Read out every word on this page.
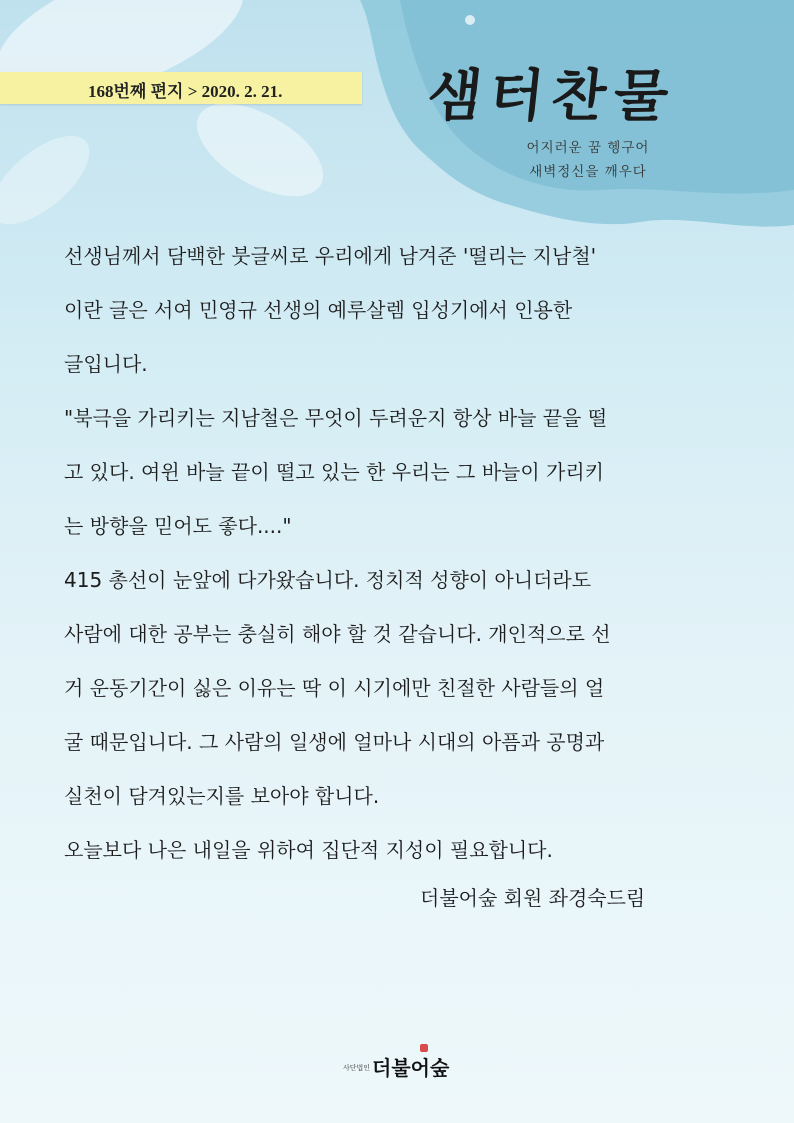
168번째 편지 > 2020. 2. 21.	샘터찬물
어지러운 꿈 헹구어
새벽정신을 깨우다

선생님께서 담백한 붓글씨로 우리에게 남겨준 '떨리는 지남철'

이란 글은 서여 민영규 선생의 예루살렘 입성기에서 인용한

글입니다.

"북극을 가리키는 지남철은 무엇이 두려운지 항상 바늘 끝을 떨

고 있다. 여윈 바늘 끝이 떨고 있는 한 우리는 그 바늘이 가리키

는 방향을 믿어도 좋다...."

415 총선이 눈앞에 다가왔습니다. 정치적 성향이 아니더라도

사람에 대한 공부는 충실히 해야 할 것 같습니다. 개인적으로 선

거 운동기간이 싫은 이유는 딱 이 시기에만 친절한 사람들의 얼

굴 때문입니다. 그 사람의 일생에 얼마나 시대의 아픔과 공명과

실천이 담겨있는지를 보아야 합니다.

오늘보다 나은 내일을 위하여 집단적 지성이 필요합니다.

더불어숲 회원 좌경숙드림
사단법인 더불어숲
